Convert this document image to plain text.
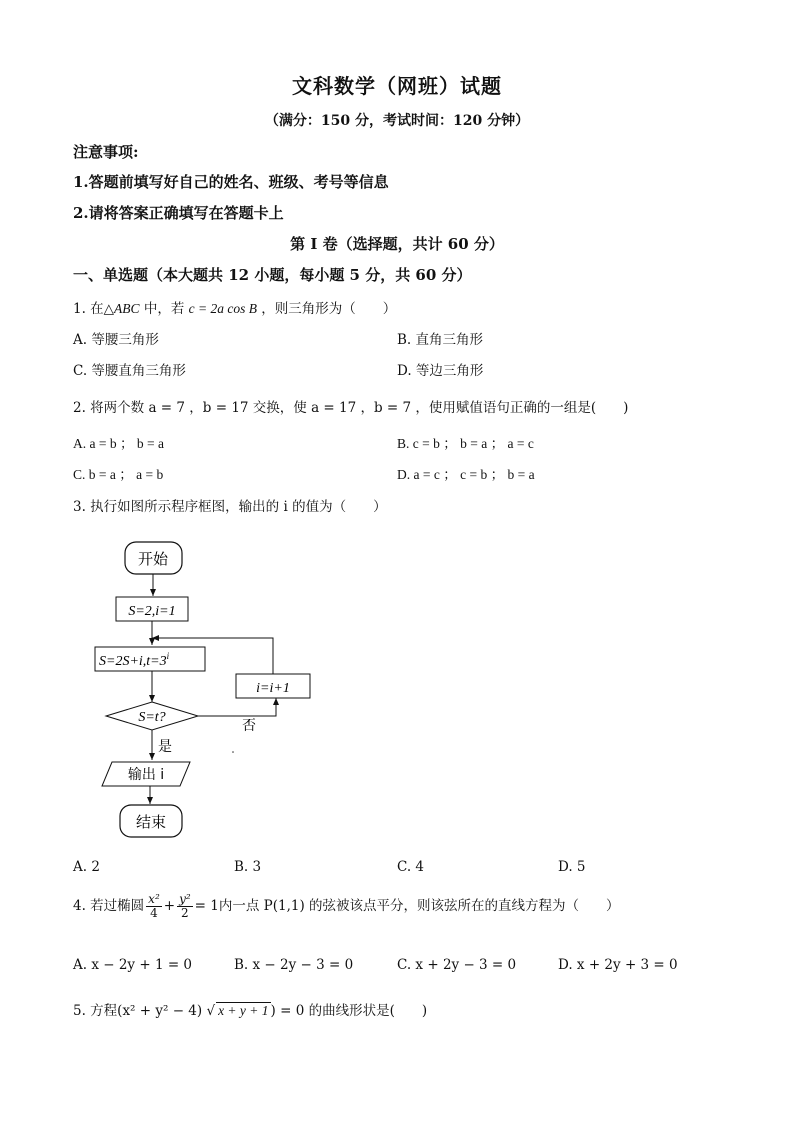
文科数学（网班）试题
（满分：150 分，考试时间：120 分钟）
注意事项:
1.答题前填写好自己的姓名、班级、考号等信息
2.请将答案正确填写在答题卡上
第 I 卷（选择题，共计 60 分）
一、单选题（本大题共 12 小题，每小题 5 分，共 60 分）
1. 在△ABC 中，若 c = 2a cos B ，则三角形为（　　）
A. 等腰三角形	B. 直角三角形
C. 等腰直角三角形	D. 等边三角形
2. 将两个数 a = 7 ，b = 17 交换，使 a = 17 ，b = 7 ，使用赋值语句正确的一组是(　　)
A. a = b ； b = a	B. c = b ； b = a ； a = c
C. b = a ； a = b	D. a = c ； c = b ； b = a
3. 执行如图所示程序框图，输出的 i 的值为（　　）
开始
S=2,i=1
$S=2S+i,t=3^i$
S=t?
否
i=i+1
是
输出 i
结束
A. 2	B. 3	C. 4	D. 5
4. 若过椭圆 $\frac{\text{x²}}{4} + \frac{\text{y²}}{2} = 1$内一点 P(1,1) 的弦被该点平分，则该弦所在的直线方程为（　　）
A. x − 2y + 1 = 0	B. x − 2y − 3 = 0	C. x + 2y − 3 = 0	D. x + 2y + 3 = 0
5. 方程(x² + y² − 4) √ x + y + 1 ) = 0 的曲线形状是(　　)
